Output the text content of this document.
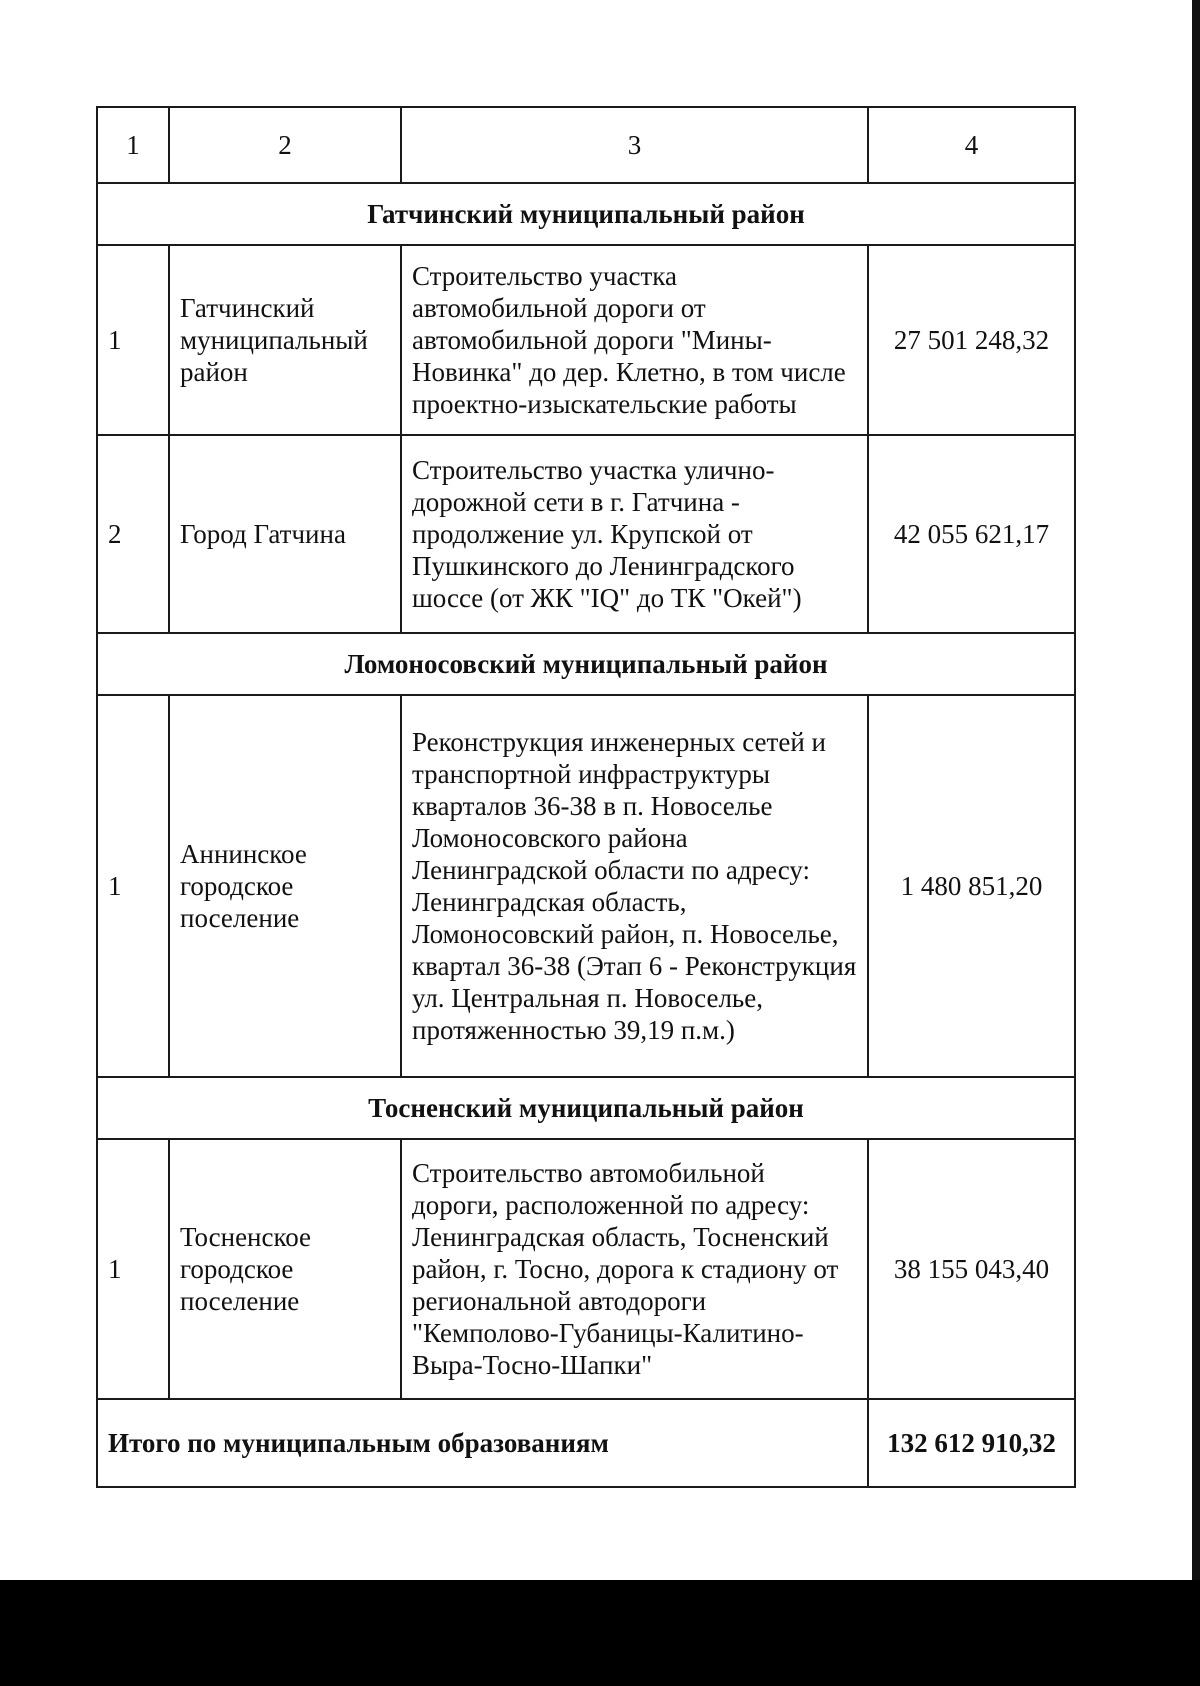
1	2	3	4
Гатчинский муниципальный район			
1	Гатчинский муниципальный район	Строительство участка автомобильной дороги от автомобильной дороги "Мины-Новинка" до дер. Клетно, в том числе проектно-изыскательские работы	27 501 248,32
2	Город Гатчина	Строительство участка улично-дорожной сети в г. Гатчина - продолжение ул. Крупской от Пушкинского до Ленинградского шоссе (от ЖК "IQ" до ТК "Окей")	42 055 621,17
Ломоносовский муниципальный район			
1	Аннинское городское поселение	Реконструкция инженерных сетей и транспортной инфраструктуры кварталов 36-38 в п. Новоселье Ломоносовского района Ленинградской области по адресу: Ленинградская область, Ломоносовский район, п. Новоселье, квартал 36-38 (Этап 6 - Реконструкция ул. Центральная п. Новоселье, протяженностью 39,19 п.м.)	1 480 851,20
Тосненский муниципальный район			
1	Тосненское городское поселение	Строительство автомобильной дороги, расположенной по адресу: Ленинградская область, Тосненский район, г. Тосно, дорога к стадиону от региональной автодороги "Кемполово-Губаницы-Калитино-Выра-Тосно-Шапки"	38 155 043,40
Итого по муниципальным образованиям			132 612 910,32
